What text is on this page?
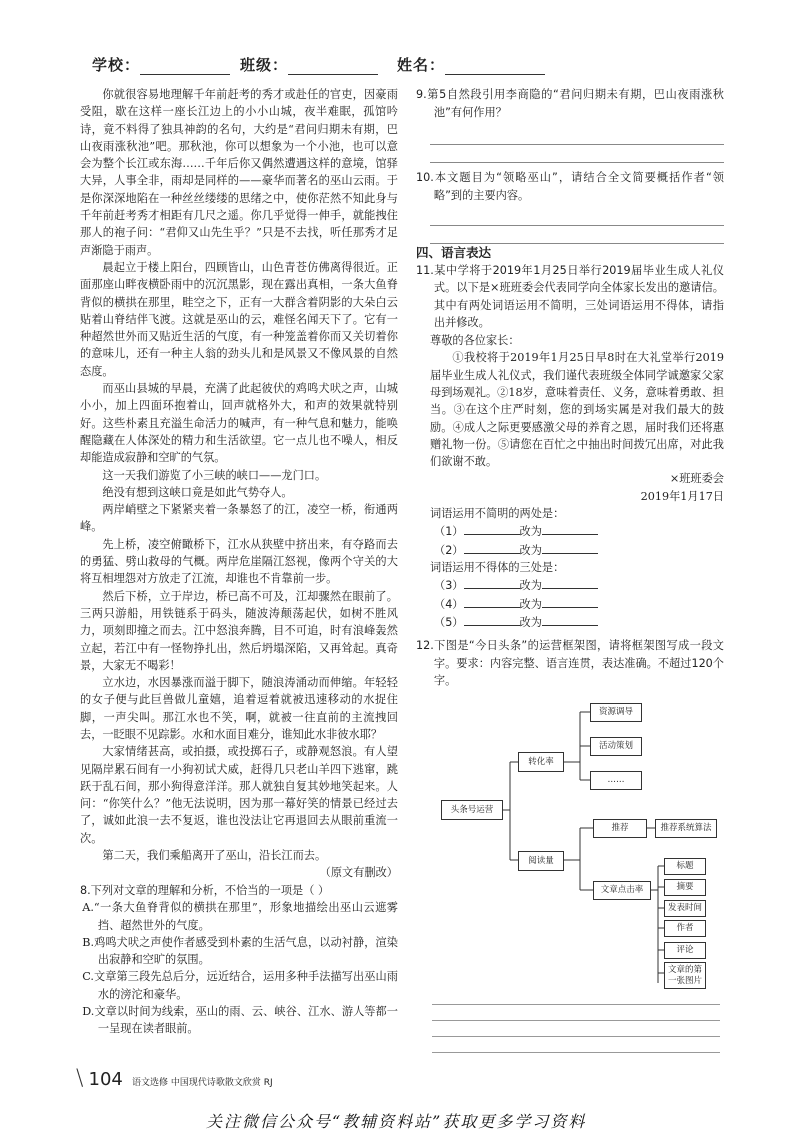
学校：	班级：	姓名：

你就很容易地理解千年前赶考的秀才或赴任的官吏，因豪雨受阻，歇在这样一座长江边上的小小山城，夜半难眠，孤馆吟诗，竟不料得了独具神韵的名句，大约是“君问归期未有期，巴山夜雨涨秋池”吧。那秋池，你可以想象为一个小池，也可以意会为整个长江或东海……千年后你又偶然遭遇这样的意境，馆驿大异，人事全非，雨却是同样的——豪华而著名的巫山云雨。于是你深深地陷在一种丝丝缕缕的思绪之中，使你茫然不知此身与千年前赶考秀才相距有几尺之遥。你几乎觉得一伸手，就能拽住那人的袍子问：“君仰又山先生乎？”只是不去找，听任那秀才足声渐隐于雨声。

晨起立于楼上阳台，四顾皆山，山色青苍仿佛离得很近。正面那座山畔夜横卧雨中的沉沉黑影，现在露出真相，一条大鱼脊背似的横拱在那里，畦空之下，正有一大群含着阴影的大朵白云贴着山脊结伴飞渡。这就是巫山的云，难怪名闻天下了。它有一种超然世外而又贴近生活的气度，有一种笼盖着你而又关切着你的意味儿，还有一种主人翁的劲头儿和是风景又不像风景的自然态度。

而巫山县城的早晨，充满了此起彼伏的鸡鸣犬吠之声，山城小小，加上四面环抱着山，回声就格外大，和声的效果就特别好。这些朴素且充溢生命活力的喊声，有一种气息和魅力，能唤醒隐藏在人体深处的精力和生活欲望。它一点儿也不噪人，相反却能造成寂静和空旷的气氛。

这一天我们游览了小三峡的峡口——龙门口。

绝没有想到这峡口竟是如此气势夺人。

两岸峭壁之下紧紧夹着一条暴怒了的江，凌空一桥，衔通两峰。

先上桥，凌空俯瞰桥下，江水从狭壁中挤出来，有夺路而去的勇猛、劈山救母的气概。两岸危崖隔江怒视，像两个守关的大将互相埋怨对方放走了江流，却谁也不肯靠前一步。

然后下桥，立于岸边，桥已高不可及，江却骤然在眼前了。三两只游船，用铁链系于码头，随波涛颠荡起伏，如树不胜风力，项刻即撞之而去。江中怒浪奔腾，目不可追，时有浪峰轰然立起，若江中有一怪物挣扎出，然后坍塌深陷，又再耸起。真奇景，大家无不喝彩！

立水边，水因暴涨而溢于脚下，随浪涛涌动而伸缩。年轻轻的女子便与此巨兽做儿童嬉，追着逗着就被迅速移动的水捉住脚，一声尖叫。那江水也不笑，啊，就被一往直前的主流拽回去，一眨眼不见踪影。水和水面目难分，谁知此水非彼水耶？

大家情绪甚高，或拍摄，或投掷石子，或静观怒浪。有人望见隔岸累石间有一小狗初试犬威，赶得几只老山羊四下逃窜，跳跃于乱石间，那小狗得意洋洋。那人就独自复其妙地笑起来。人问：“你笑什么？”他无法说明，因为那一幕好笑的情景已经过去了，诚如此浪一去不复返，谁也没法让它再退回去从眼前重流一次。

第二天，我们乘船离开了巫山，沿长江而去。

（原文有删改）

8.下列对文章的理解和分析，不恰当的一项是（ ）

A.“一条大鱼脊背似的横拱在那里”，形象地描绘出巫山云遮雾挡、超然世外的气度。

B.鸡鸣犬吠之声使作者感受到朴素的生活气息，以动衬静，渲染出寂静和空旷的氛围。

C.文章第三段先总后分，远近结合，运用多种手法描写出巫山雨水的滂沱和豪华。

D.文章以时间为线索，巫山的雨、云、峡谷、江水、游人等都一一呈现在读者眼前。

9.第5自然段引用李商隐的“君问归期未有期，巴山夜雨涨秋池”有何作用？

10.本文题目为“领略巫山”，请结合全文简要概括作者“领略”到的主要内容。

四、语言表达

11.某中学将于2019年1月25日举行2019届毕业生成人礼仪式。以下是×班班委会代表同学向全体家长发出的邀请信。其中有两处词语运用不简明，三处词语运用不得体，请指出并修改。

尊敬的各位家长：

①我校将于2019年1月25日早8时在大礼堂举行2019届毕业生成人礼仪式，我们谨代表班级全体同学诚邀家父家母到场观礼。②18岁，意味着责任、义务，意味着勇敢、担当。③在这个庄严时刻，您的到场实属是对我们最大的鼓励。④成人之际更要感激父母的养育之恩，届时我们还将惠赠礼物一份。⑤请您在百忙之中抽出时间拨冗出席，对此我们欲谢不敢。

×班班委会

2019年1月17日

词语运用不简明的两处是：

（1）	改为

（2）	改为

词语运用不得体的三处是：

（3）	改为

（4）	改为

（5）	改为

12.下图是“今日头条”的运营框架图，请将框架图写成一段文字。要求：内容完整、语言连贯，表达准确。不超过120个字。

头条号运营
转化率
阅读量
资源调导
活动策划
……
推荐	推荐系统算法
文章点击率
标题
摘要
发表时间
作者
评论
文章的第一张图片
\ 104 语文选修 中国现代诗歌散文欣赏 RJ
关注微信公众号“教辅资料站”获取更多学习资料
